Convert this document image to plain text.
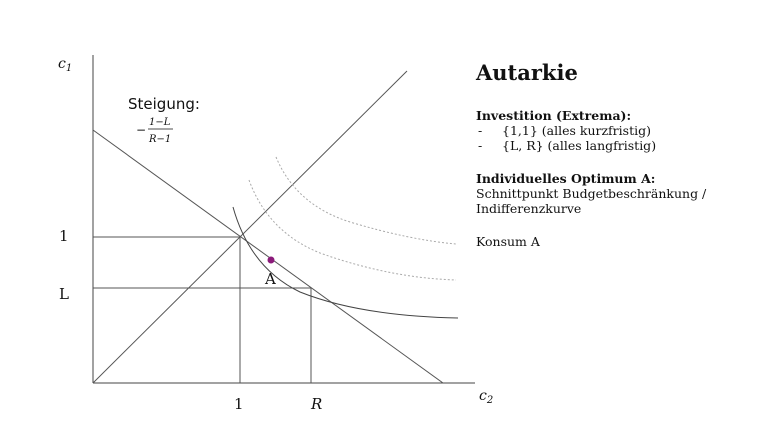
$c_1$
$c_2$
A
1
L
1	R
Steigung:
−
1−L
R−1
Autarkie

Investition (Extrema):

- {1,1} (alles kurzfristig)
- {L, R} (alles langfristig)

Individuelles Optimum A:

Schnittpunkt Budgetbeschränkung / Indifferenzkurve

Konsum A
